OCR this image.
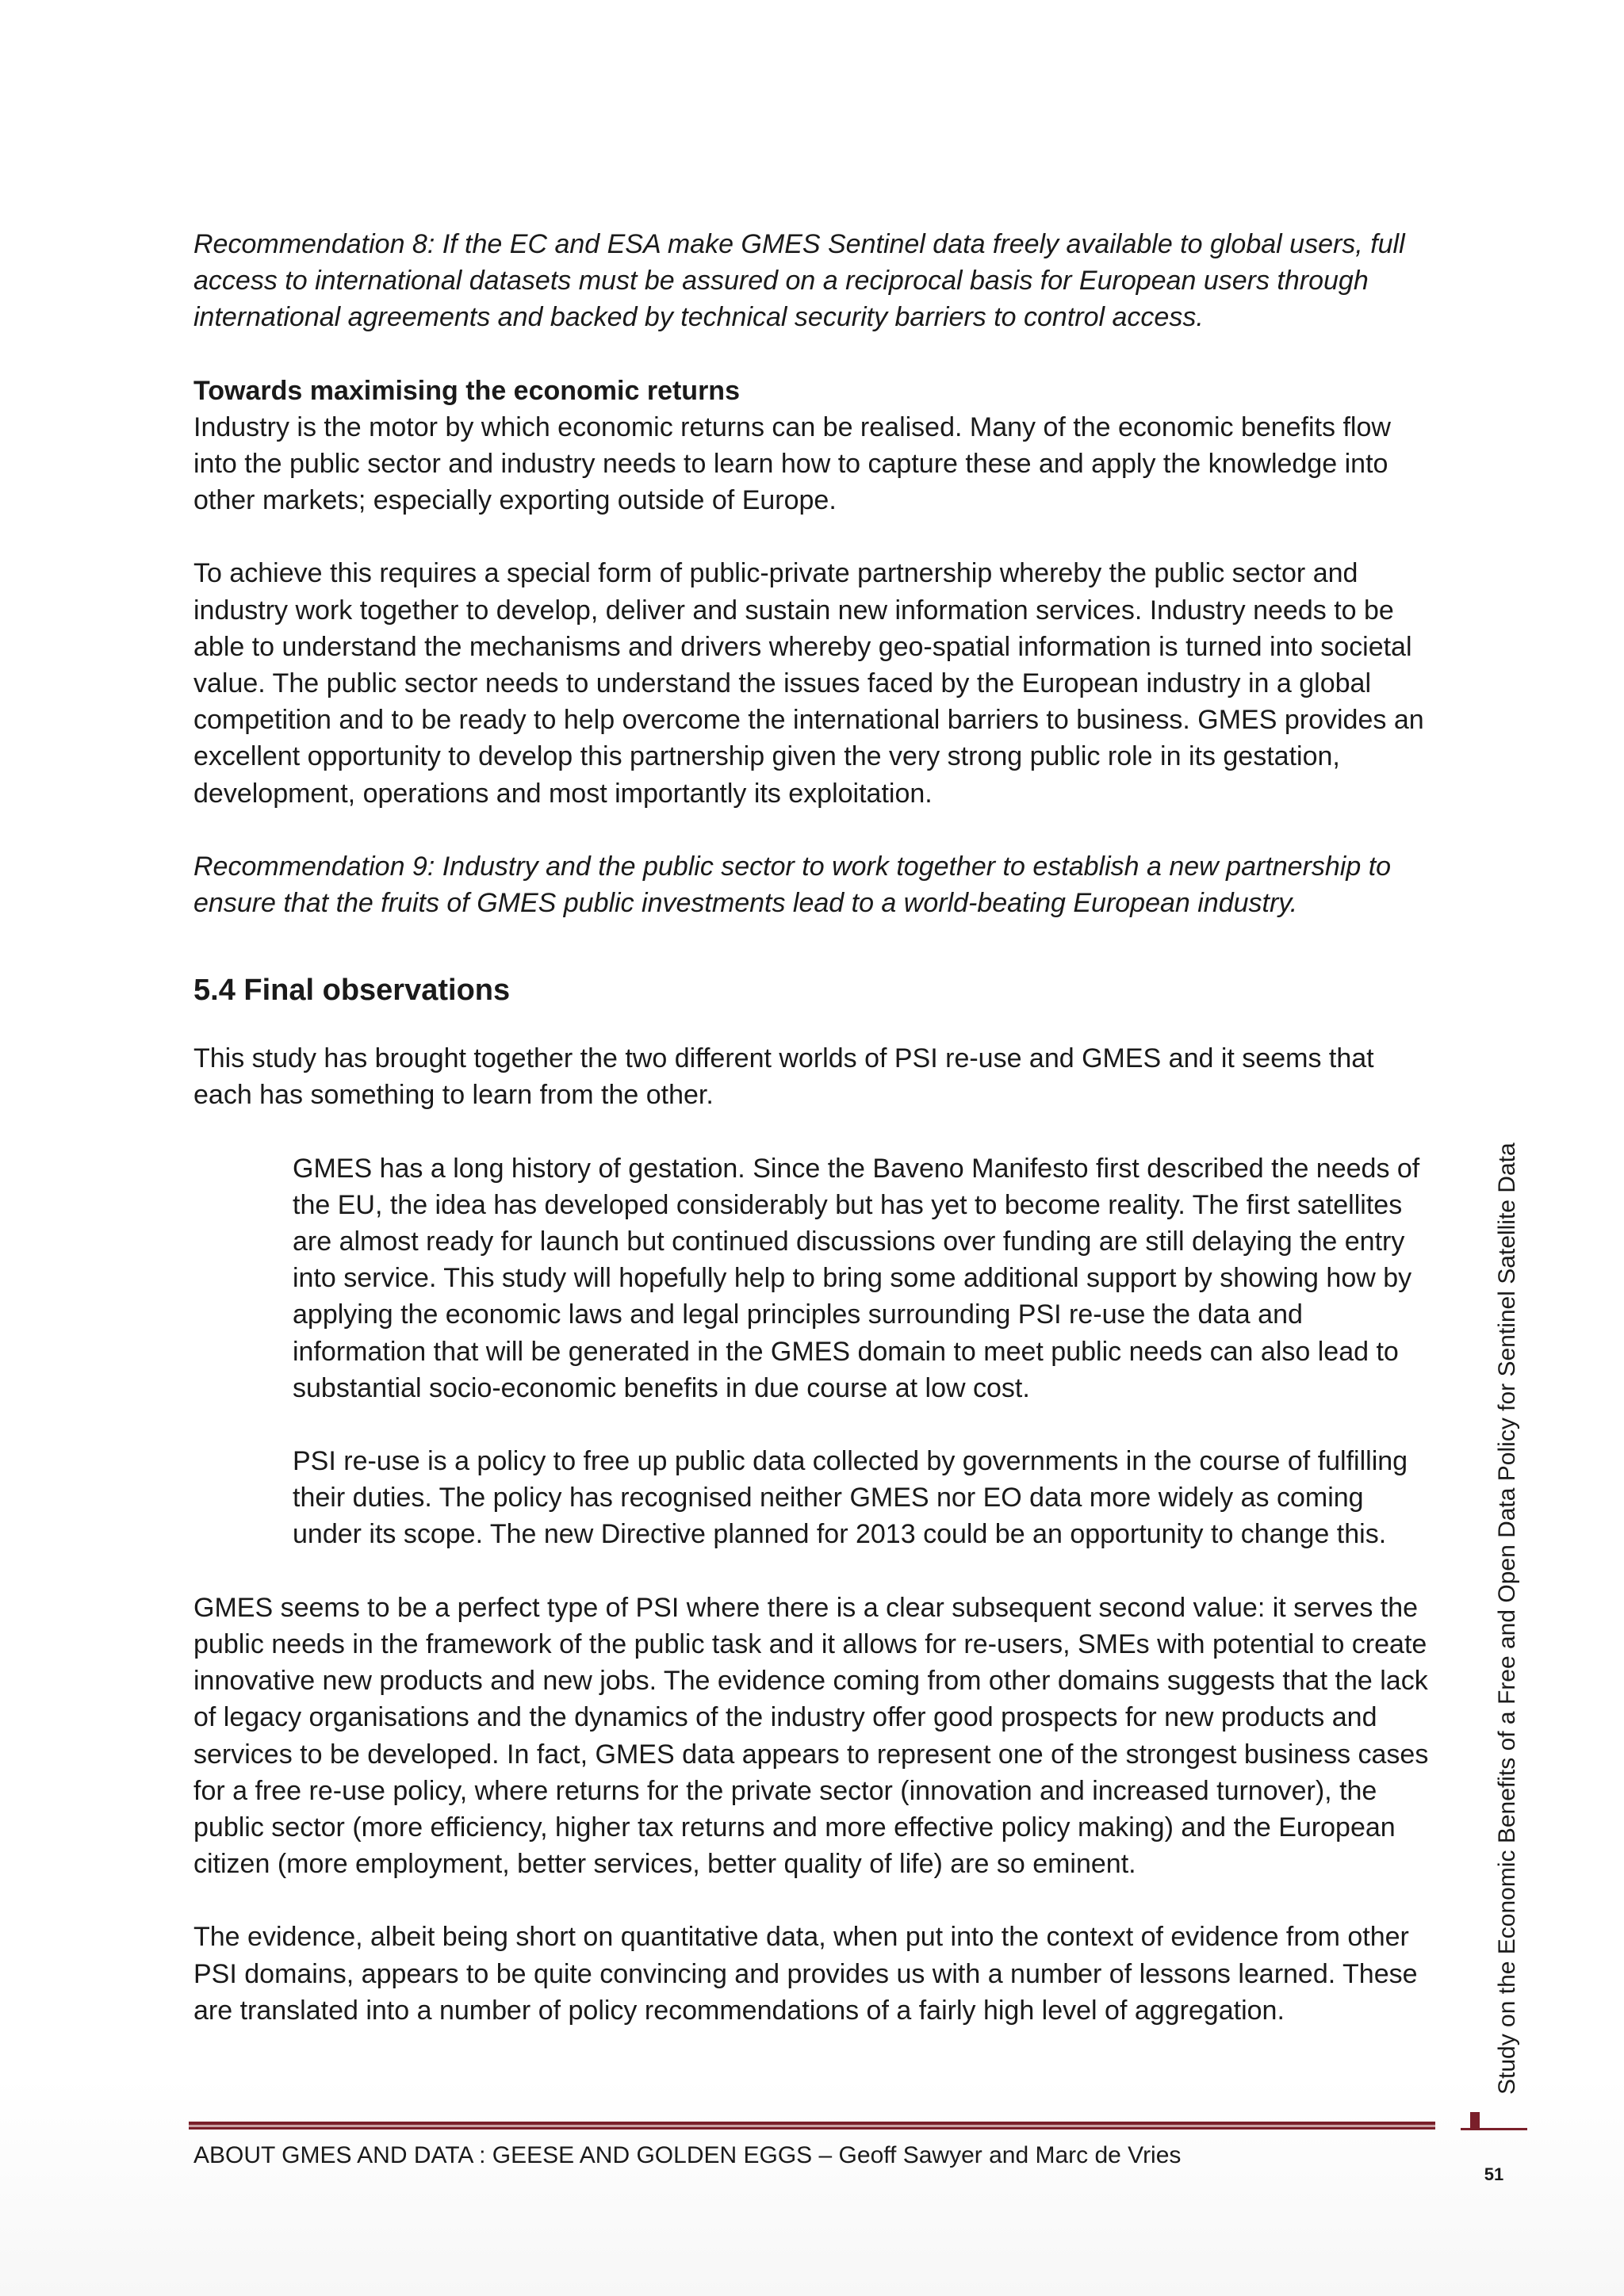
Recommendation 8: If the EC and ESA make GMES Sentinel data freely available to global users, full access to international datasets must be assured on a reciprocal basis for European users through international agreements and backed by technical security barriers to control access.

Towards maximising the economic returns

Industry is the motor by which economic returns can be realised. Many of the economic benefits flow into the public sector and industry needs to learn how to capture these and apply the knowledge into other markets; especially exporting outside of Europe.

To achieve this requires a special form of public-private partnership whereby the public sector and industry work together to develop, deliver and sustain new information services. Industry needs to be able to understand the mechanisms and drivers whereby geo-spatial information is turned into societal value. The public sector needs to understand the issues faced by the European industry in a global competition and to be ready to help overcome the international barriers to business. GMES provides an excellent opportunity to develop this partnership given the very strong public role in its gestation, development, operations and most importantly its exploitation.

Recommendation 9: Industry and the public sector to work together to establish a new partnership to ensure that the fruits of GMES public investments lead to a world-beating European industry.

5.4 Final observations

This study has brought together the two different worlds of PSI re-use and GMES and it seems that each has something to learn from the other.

GMES has a long history of gestation. Since the Baveno Manifesto first described the needs of the EU, the idea has developed considerably but has yet to become reality. The first satellites are almost ready for launch but continued discussions over funding are still delaying the entry into service. This study will hopefully help to bring some additional support by showing how by applying the economic laws and legal principles surrounding PSI re-use the data and information that will be generated in the GMES domain to meet public needs can also lead to substantial socio-economic benefits in due course at low cost.

PSI re-use is a policy to free up public data collected by governments in the course of fulfilling their duties. The policy has recognised neither GMES nor EO data more widely as coming under its scope. The new Directive planned for 2013 could be an opportunity to change this.

GMES seems to be a perfect type of PSI where there is a clear subsequent second value: it serves the public needs in the framework of the public task and it allows for re-users, SMEs with potential to create innovative new products and new jobs. The evidence coming from other domains suggests that the lack of legacy organisations and the dynamics of the industry offer good prospects for new products and services to be developed. In fact, GMES data appears to represent one of the strongest business cases for a free re-use policy, where returns for the private sector (innovation and increased turnover), the public sector (more efficiency, higher tax returns and more effective policy making) and the European citizen (more employment, better services, better quality of life) are so eminent.

The evidence, albeit being short on quantitative data, when put into the context of evidence from other PSI domains, appears to be quite convincing and provides us with a number of lessons learned. These are translated into a number of policy recommendations of a fairly high level of aggregation.

ABOUT GMES AND DATA : GEESE AND GOLDEN EGGS – Geoff Sawyer and Marc de Vries
51
Study on the Economic Benefits of a Free and Open Data Policy for Sentinel Satellite Data
